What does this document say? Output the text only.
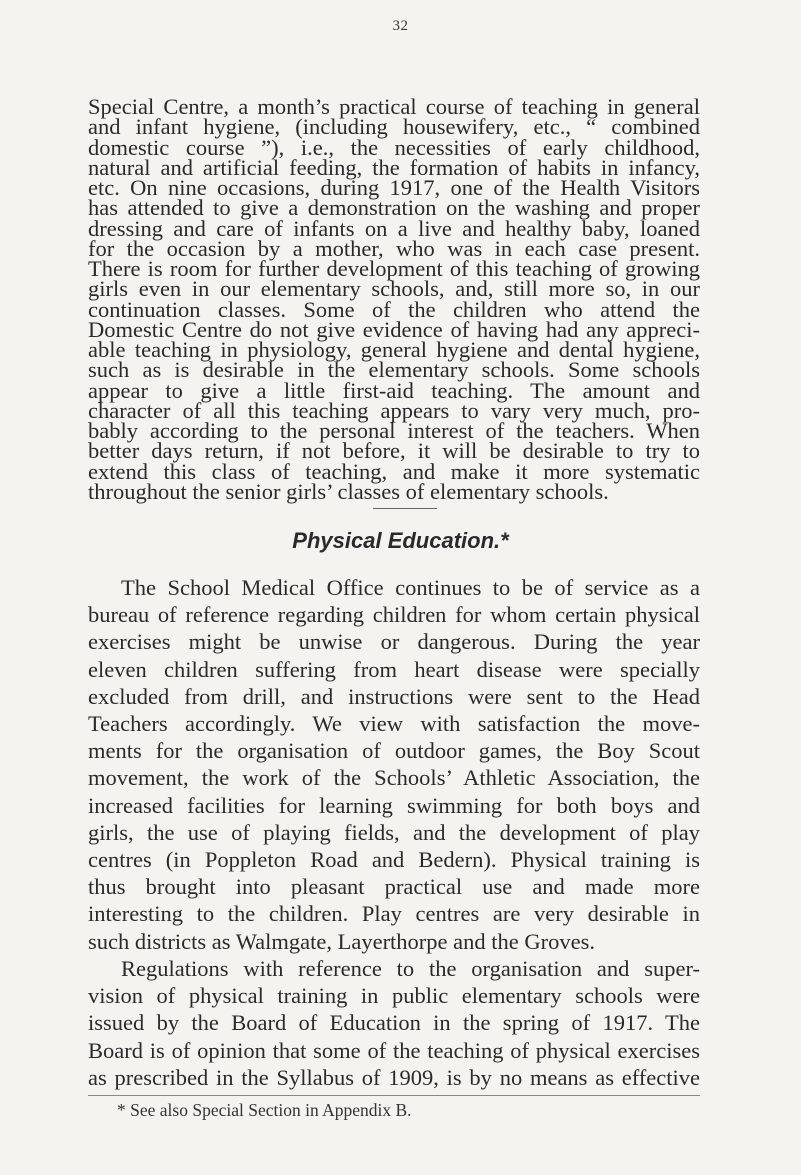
32
Special Centre, a month’s practical course of teaching in general
and infant hygiene, (including housewifery, etc., “ combined
domestic course ”), i.e., the necessities of early childhood,
natural and artificial feeding, the formation of habits in infancy,
etc. On nine occasions, during 1917, one of the Health Visitors
has attended to give a demonstration on the washing and proper
dressing and care of infants on a live and healthy baby, loaned
for the occasion by a mother, who was in each case present.
There is room for further development of this teaching of growing
girls even in our elementary schools, and, still more so, in our
continuation classes. Some of the children who attend the
Domestic Centre do not give evidence of having had any appreci-
able teaching in physiology, general hygiene and dental hygiene,
such as is desirable in the elementary schools. Some schools
appear to give a little first-aid teaching. The amount and
character of all this teaching appears to vary very much, pro-
bably according to the personal interest of the teachers. When
better days return, if not before, it will be desirable to try to
extend this class of teaching, and make it more systematic
throughout the senior girls’ classes of elementary schools.
Physical Education.*
The School Medical Office continues to be of service as a
bureau of reference regarding children for whom certain physical
exercises might be unwise or dangerous. During the year
eleven children suffering from heart disease were specially
excluded from drill, and instructions were sent to the Head
Teachers accordingly. We view with satisfaction the move-
ments for the organisation of outdoor games, the Boy Scout
movement, the work of the Schools’ Athletic Association, the
increased facilities for learning swimming for both boys and
girls, the use of playing fields, and the development of play
centres (in Poppleton Road and Bedern). Physical training is
thus brought into pleasant practical use and made more
interesting to the children. Play centres are very desirable in
such districts as Walmgate, Layerthorpe and the Groves.
Regulations with reference to the organisation and super-
vision of physical training in public elementary schools were
issued by the Board of Education in the spring of 1917. The
Board is of opinion that some of the teaching of physical exercises
as prescribed in the Syllabus of 1909, is by no means as effective
* See also Special Section in Appendix B.
